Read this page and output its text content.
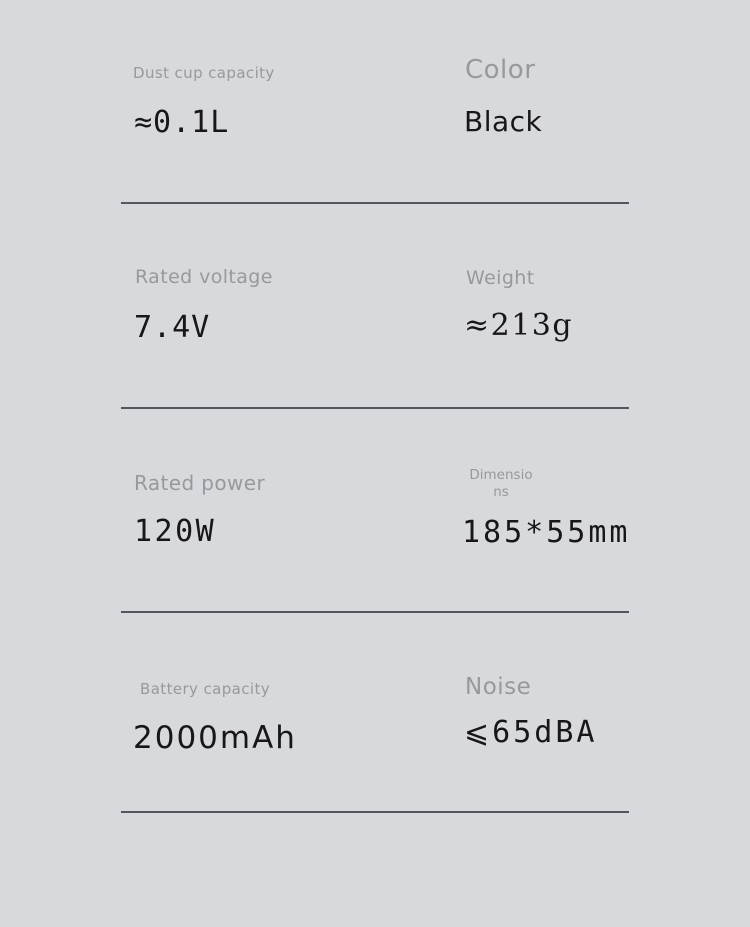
Dust cup capacity
≈0.1L
Color
Black
Rated voltage
7.4V
Weight
≈213g
Rated power
120W
Dimensio
ns
185*55mm
Battery capacity
2000mAh
Noise
⩽65dBA
